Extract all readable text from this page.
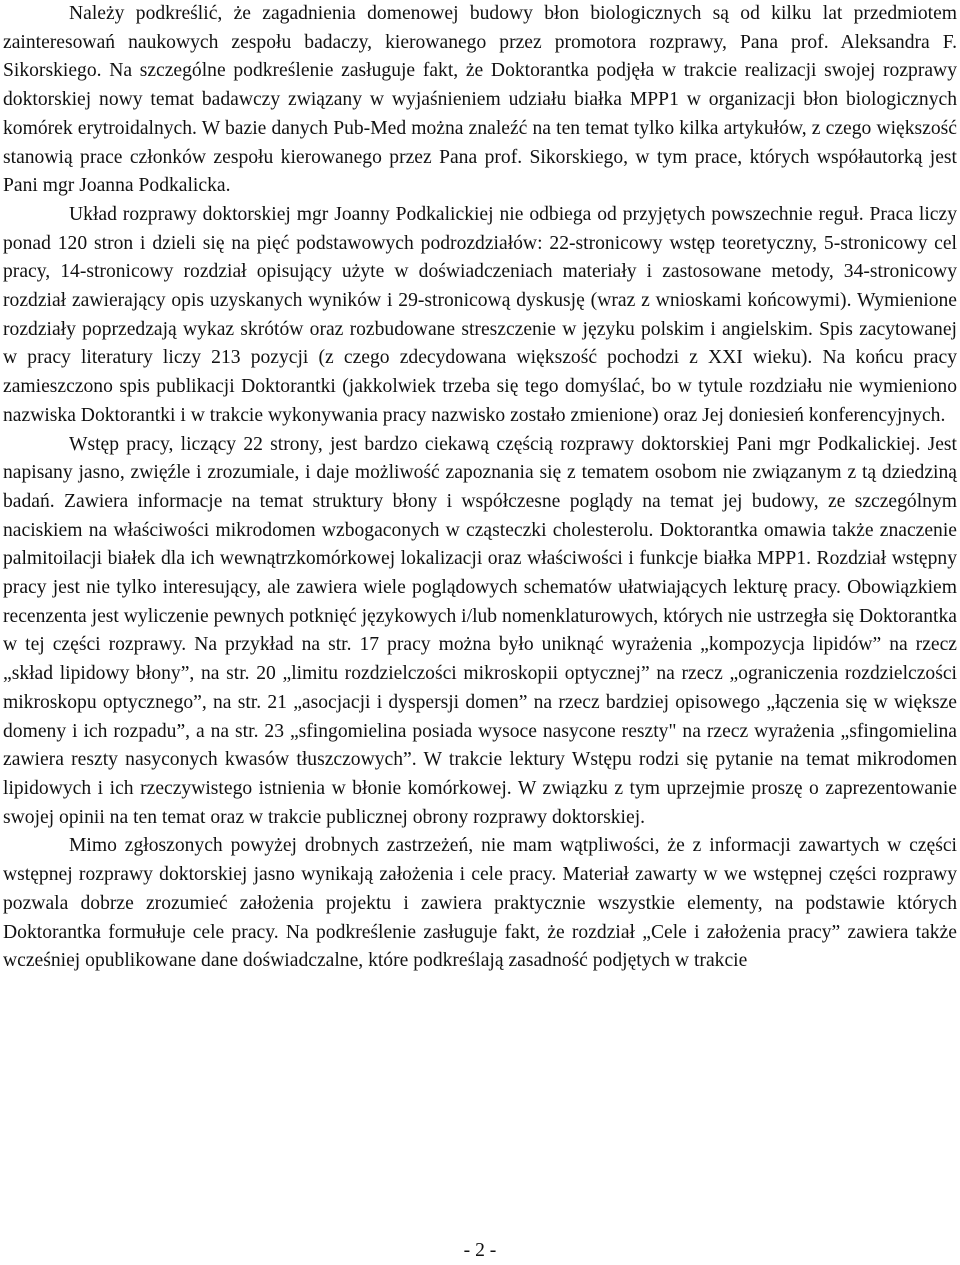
Należy podkreślić, że zagadnienia domenowej budowy błon biologicznych są od kilku lat przedmiotem zainteresowań naukowych zespołu badaczy, kierowanego przez promotora rozprawy, Pana prof. Aleksandra F. Sikorskiego. Na szczególne podkreślenie zasługuje fakt, że Doktorantka podjęła w trakcie realizacji swojej rozprawy doktorskiej nowy temat badawczy związany w wyjaśnieniem udziału białka MPP1 w organizacji błon biologicznych komórek erytroidalnych. W bazie danych Pub-Med można znaleźć na ten temat tylko kilka artykułów, z czego większość stanowią prace członków zespołu kierowanego przez Pana prof. Sikorskiego, w tym prace, których współautorką jest Pani mgr Joanna Podkalicka.

Układ rozprawy doktorskiej mgr Joanny Podkalickiej nie odbiega od przyjętych powszechnie reguł. Praca liczy ponad 120 stron i dzieli się na pięć podstawowych podrozdziałów: 22-stronicowy wstęp teoretyczny, 5-stronicowy cel pracy, 14-stronicowy rozdział opisujący użyte w doświadczeniach materiały i zastosowane metody, 34-stronicowy rozdział zawierający opis uzyskanych wyników i 29-stronicową dyskusję (wraz z wnioskami końcowymi). Wymienione rozdziały poprzedzają wykaz skrótów oraz rozbudowane streszczenie w języku polskim i angielskim. Spis zacytowanej w pracy literatury liczy 213 pozycji (z czego zdecydowana większość pochodzi z XXI wieku). Na końcu pracy zamieszczono spis publikacji Doktorantki (jakkolwiek trzeba się tego domyślać, bo w tytule rozdziału nie wymieniono nazwiska Doktorantki i w trakcie wykonywania pracy nazwisko zostało zmienione) oraz Jej doniesień konferencyjnych.

Wstęp pracy, liczący 22 strony, jest bardzo ciekawą częścią rozprawy doktorskiej Pani mgr Podkalickiej. Jest napisany jasno, zwięźle i zrozumiale, i daje możliwość zapoznania się z tematem osobom nie związanym z tą dziedziną badań. Zawiera informacje na temat struktury błony i współczesne poglądy na temat jej budowy, ze szczególnym naciskiem na właściwości mikrodomen wzbogaconych w cząsteczki cholesterolu. Doktorantka omawia także znaczenie palmitoilacji białek dla ich wewnątrzkomórkowej lokalizacji oraz właściwości i funkcje białka MPP1. Rozdział wstępny pracy jest nie tylko interesujący, ale zawiera wiele poglądowych schematów ułatwiających lekturę pracy. Obowiązkiem recenzenta jest wyliczenie pewnych potknięć językowych i/lub nomenklaturowych, których nie ustrzegła się Doktorantka w tej części rozprawy. Na przykład na str. 17 pracy można było uniknąć wyrażenia „kompozycja lipidów” na rzecz „skład lipidowy błony”, na str. 20 „limitu rozdzielczości mikroskopii optycznej” na rzecz „ograniczenia rozdzielczości mikroskopu optycznego”, na str. 21 „asocjacji i dyspersji domen” na rzecz bardziej opisowego „łączenia się w większe domeny i ich rozpadu”, a na str. 23 „sfingomielina posiada wysoce nasycone reszty" na rzecz wyrażenia „sfingomielina zawiera reszty nasyconych kwasów tłuszczowych”. W trakcie lektury Wstępu rodzi się pytanie na temat mikrodomen lipidowych i ich rzeczywistego istnienia w błonie komórkowej. W związku z tym uprzejmie proszę o zaprezentowanie swojej opinii na ten temat oraz w trakcie publicznej obrony rozprawy doktorskiej.

Mimo zgłoszonych powyżej drobnych zastrzeżeń, nie mam wątpliwości, że z informacji zawartych w części wstępnej rozprawy doktorskiej jasno wynikają założenia i cele pracy. Materiał zawarty w we wstępnej części rozprawy pozwala dobrze zrozumieć założenia projektu i zawiera praktycznie wszystkie elementy, na podstawie których Doktorantka formułuje cele pracy. Na podkreślenie zasługuje fakt, że rozdział „Cele i założenia pracy” zawiera także wcześniej opublikowane dane doświadczalne, które podkreślają zasadność podjętych w trakcie

- 2 -
